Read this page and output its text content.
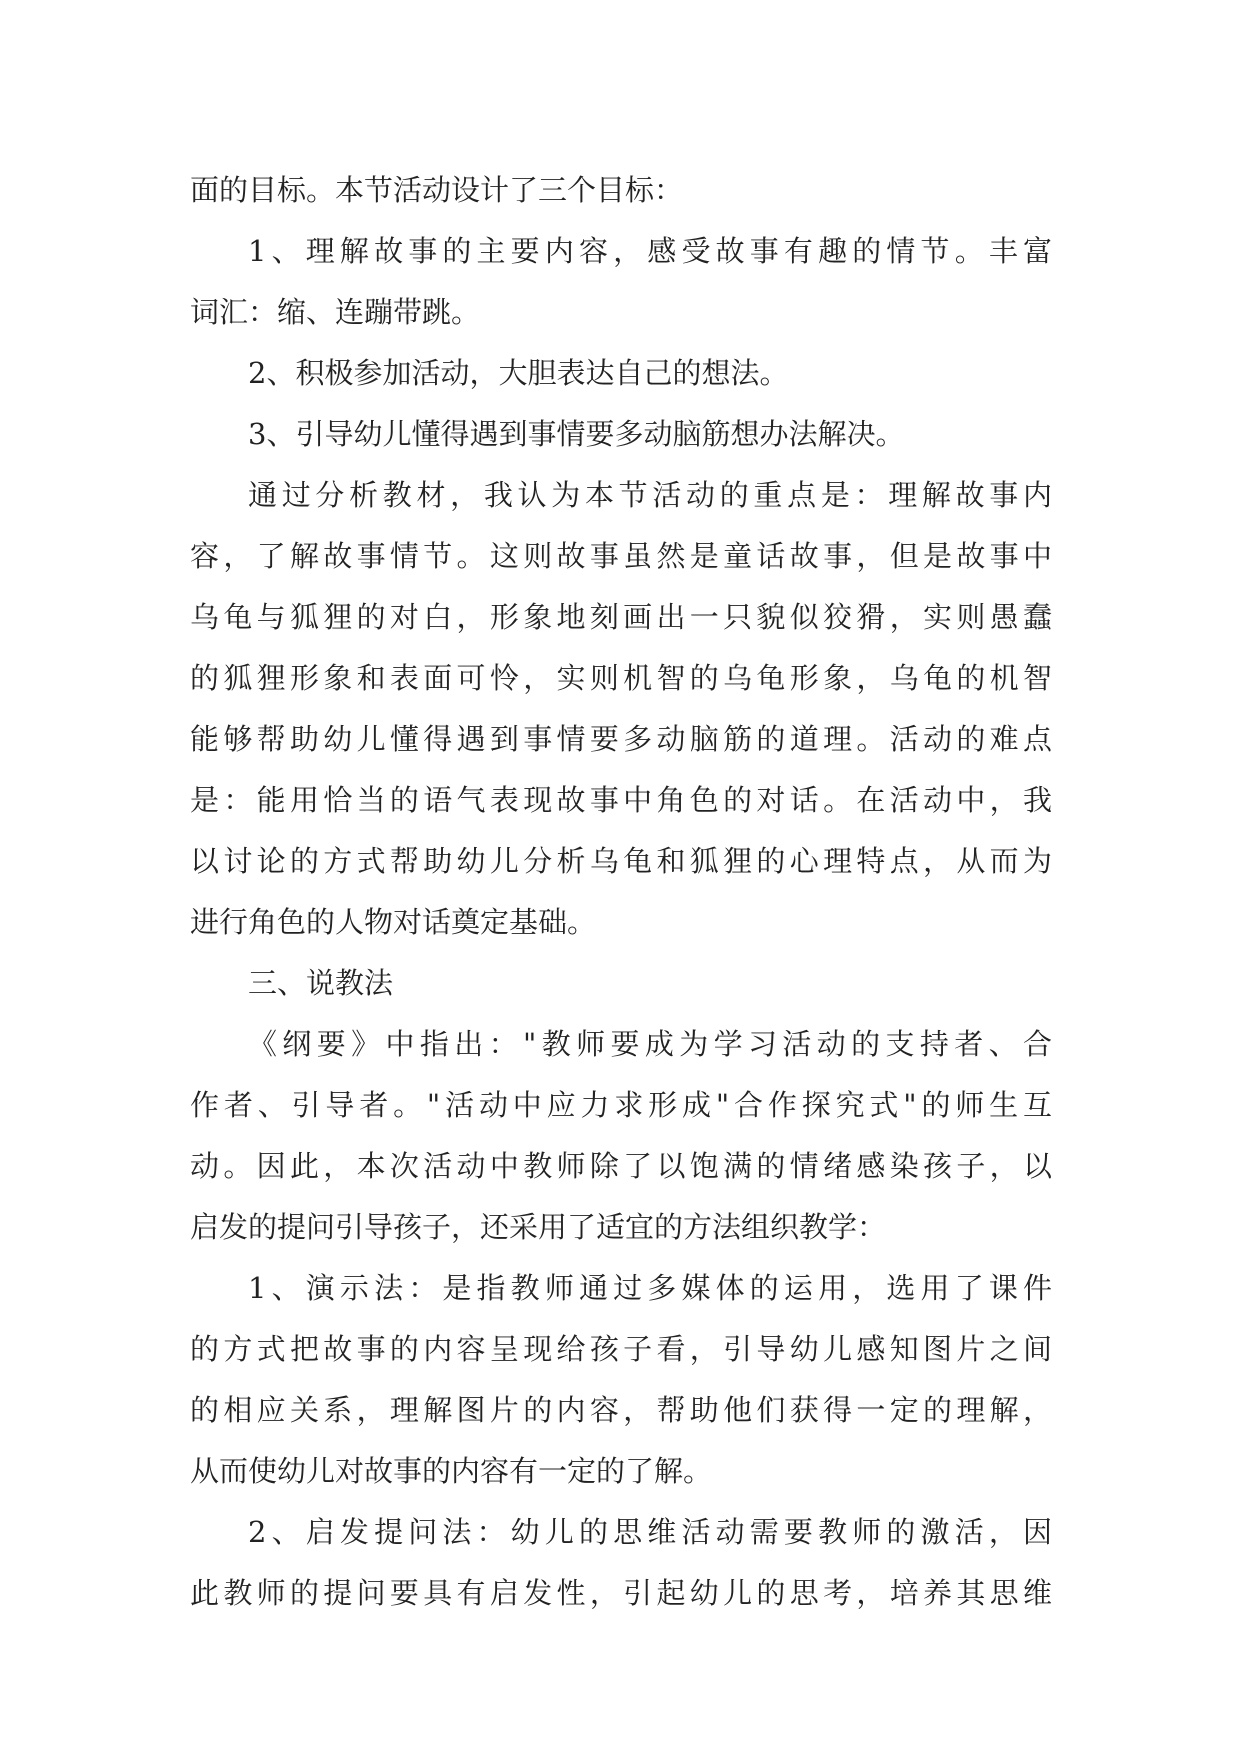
面的目标。本节活动设计了三个目标：
1、理解故事的主要内容，感受故事有趣的情节。丰富
词汇：缩、连蹦带跳。
2、积极参加活动，大胆表达自己的想法。
3、引导幼儿懂得遇到事情要多动脑筋想办法解决。
通过分析教材，我认为本节活动的重点是：理解故事内
容，了解故事情节。这则故事虽然是童话故事，但是故事中
乌龟与狐狸的对白，形象地刻画出一只貌似狡猾，实则愚蠢
的狐狸形象和表面可怜，实则机智的乌龟形象，乌龟的机智
能够帮助幼儿懂得遇到事情要多动脑筋的道理。活动的难点
是：能用恰当的语气表现故事中角色的对话。在活动中，我
以讨论的方式帮助幼儿分析乌龟和狐狸的心理特点，从而为
进行角色的人物对话奠定基础。
三、说教法
《纲要》中指出："教师要成为学习活动的支持者、合
作者、引导者。"活动中应力求形成"合作探究式"的师生互
动。因此，本次活动中教师除了以饱满的情绪感染孩子，以
启发的提问引导孩子，还采用了适宜的方法组织教学：
1、演示法：是指教师通过多媒体的运用，选用了课件
的方式把故事的内容呈现给孩子看，引导幼儿感知图片之间
的相应关系，理解图片的内容，帮助他们获得一定的理解，
从而使幼儿对故事的内容有一定的了解。
2、启发提问法：幼儿的思维活动需要教师的激活，因
此教师的提问要具有启发性，引起幼儿的思考，培养其思维
